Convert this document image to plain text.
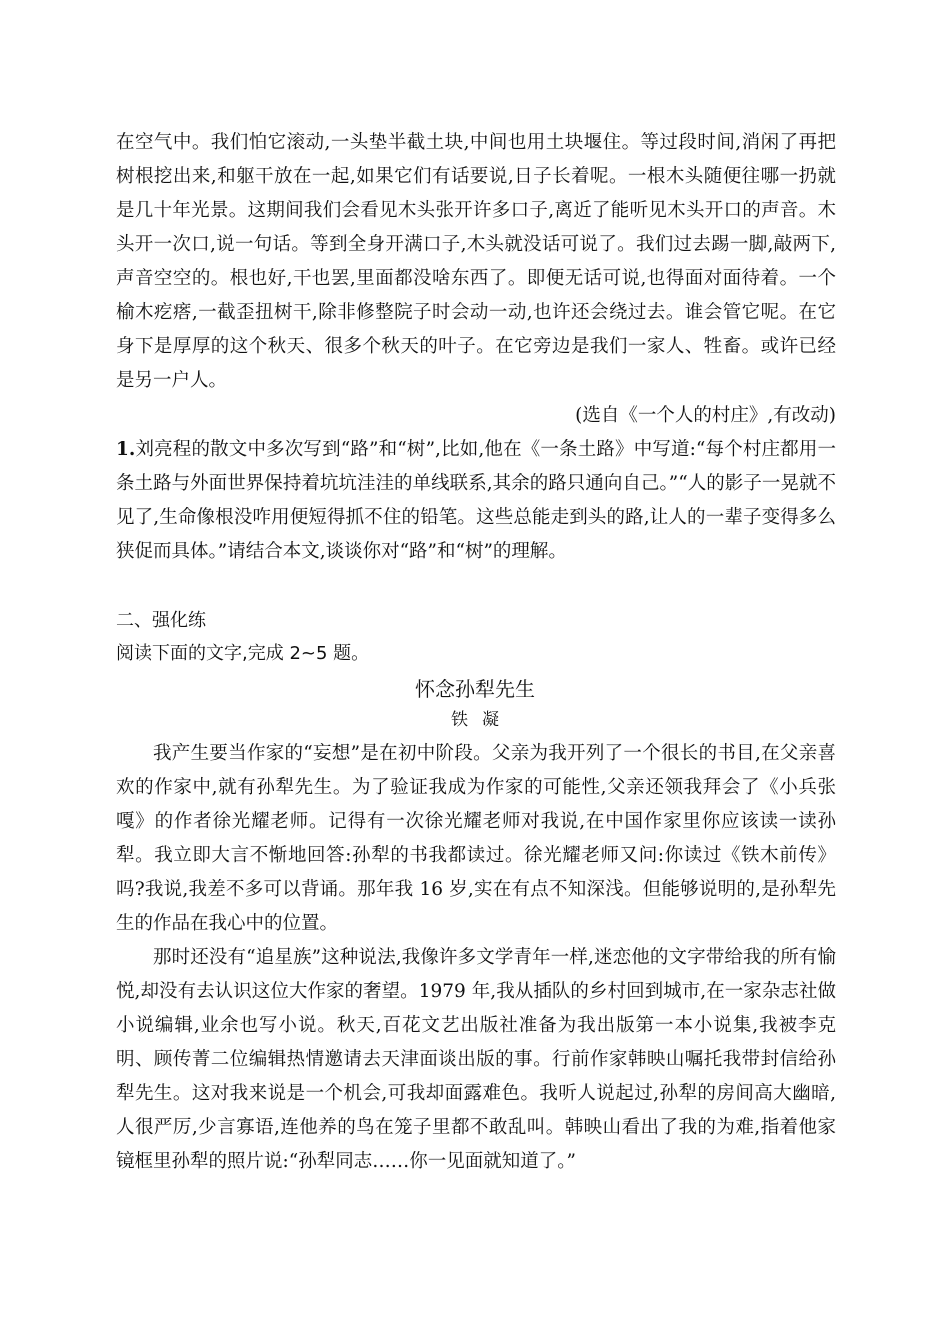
在空气中。我们怕它滚动,一头垫半截土块,中间也用土块堰住。等过段时间,消闲了再把树根挖出来,和躯干放在一起,如果它们有话要说,日子长着呢。一根木头随便往哪一扔就是几十年光景。这期间我们会看见木头张开许多口子,离近了能听见木头开口的声音。木头开一次口,说一句话。等到全身开满口子,木头就没话可说了。我们过去踢一脚,敲两下,声音空空的。根也好,干也罢,里面都没啥东西了。即便无话可说,也得面对面待着。一个榆木疙瘩,一截歪扭树干,除非修整院子时会动一动,也许还会绕过去。谁会管它呢。在它身下是厚厚的这个秋天、很多个秋天的叶子。在它旁边是我们一家人、牲畜。或许已经是另一户人。

(选自《一个人的村庄》,有改动)

1.刘亮程的散文中多次写到“路”和“树”,比如,他在《一条土路》中写道:“每个村庄都用一条土路与外面世界保持着坑坑洼洼的单线联系,其余的路只通向自己。”“人的影子一晃就不见了,生命像根没咋用便短得抓不住的铅笔。这些总能走到头的路,让人的一辈子变得多么狭促而具体。”请结合本文,谈谈你对“路”和“树”的理解。

二、强化练
阅读下面的文字,完成 2~5 题。
怀念孙犁先生
铁凝

我产生要当作家的“妄想”是在初中阶段。父亲为我开列了一个很长的书目,在父亲喜欢的作家中,就有孙犁先生。为了验证我成为作家的可能性,父亲还领我拜会了《小兵张嘎》的作者徐光耀老师。记得有一次徐光耀老师对我说,在中国作家里你应该读一读孙犁。我立即大言不惭地回答:孙犁的书我都读过。徐光耀老师又问:你读过《铁木前传》吗?我说,我差不多可以背诵。那年我 16 岁,实在有点不知深浅。但能够说明的,是孙犁先生的作品在我心中的位置。

那时还没有“追星族”这种说法,我像许多文学青年一样,迷恋他的文字带给我的所有愉悦,却没有去认识这位大作家的奢望。1979 年,我从插队的乡村回到城市,在一家杂志社做小说编辑,业余也写小说。秋天,百花文艺出版社准备为我出版第一本小说集,我被李克明、顾传菁二位编辑热情邀请去天津面谈出版的事。行前作家韩映山嘱托我带封信给孙犁先生。这对我来说是一个机会,可我却面露难色。我听人说起过,孙犁的房间高大幽暗,人很严厉,少言寡语,连他养的鸟在笼子里都不敢乱叫。韩映山看出了我的为难,指着他家镜框里孙犁的照片说:“孙犁同志……你一见面就知道了。”
